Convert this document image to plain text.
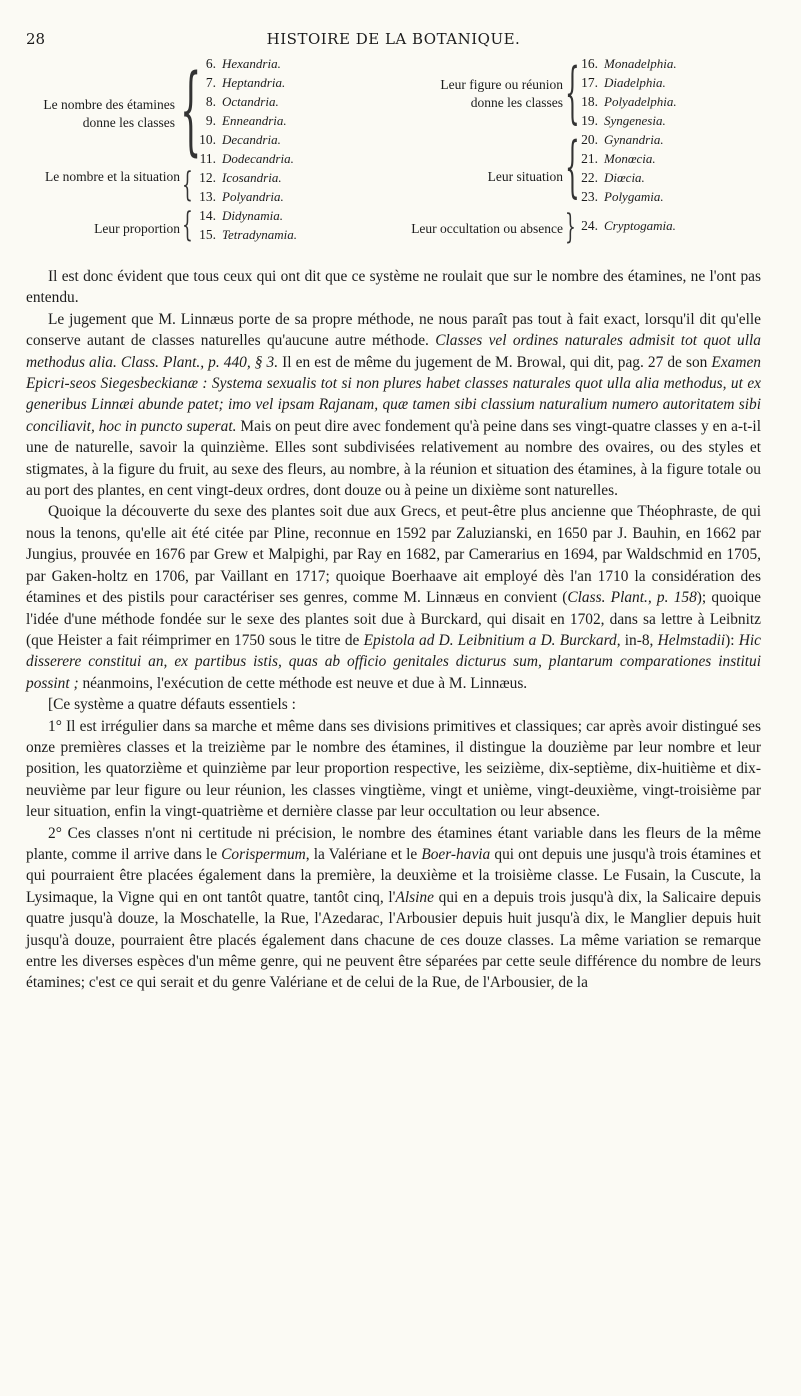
28	HISTOIRE DE LA BOTANIQUE.
Le nombre des étamines donne les classes {
Le nombre et la situation {
Leur proportion {
6. Hexandria.
7. Heptandria.
8. Octandria.
9. Enneandria.
10. Decandria.
11. Dodecandria.
12. Icosandria.
13. Polyandria.
14. Didynamia.
15. Tetradynamia.
Leur figure ou réunion donne les classes {
Leur situation {
Leur occultation ou absence }
16. Monadelphia.
17. Diadelphia.
18. Polyadelphia.
19. Syngenesia.
20. Gynandria.
21. Monœcia.
22. Diœcia.
23. Polygamia.
24. Cryptogamia.

Il est donc évident que tous ceux qui ont dit que ce système ne roulait que sur le nombre des étamines, ne l'ont pas entendu.

Le jugement que M. Linnæus porte de sa propre méthode, ne nous paraît pas tout à fait exact, lorsqu'il dit qu'elle conserve autant de classes naturelles qu'aucune autre méthode. Classes vel ordines naturales admisit tot quot ulla methodus alia. Class. Plant., p. 440, § 3. Il en est de même du jugement de M. Browal, qui dit, pag. 27 de son Examen Epicri-seos Siegesbeckianæ : Systema sexualis tot si non plures habet classes naturales quot ulla alia methodus, ut ex generibus Linnæi abunde patet; imo vel ipsam Rajanam, quæ tamen sibi classium naturalium numero autoritatem sibi conciliavit, hoc in puncto superat. Mais on peut dire avec fondement qu'à peine dans ses vingt-quatre classes y en a-t-il une de naturelle, savoir la quinzième. Elles sont subdivisées relativement au nombre des ovaires, ou des styles et stigmates, à la figure du fruit, au sexe des fleurs, au nombre, à la réunion et situation des étamines, à la figure totale ou au port des plantes, en cent vingt-deux ordres, dont douze ou à peine un dixième sont naturelles.

Quoique la découverte du sexe des plantes soit due aux Grecs, et peut-être plus ancienne que Théophraste, de qui nous la tenons, qu'elle ait été citée par Pline, reconnue en 1592 par Zaluzianski, en 1650 par J. Bauhin, en 1662 par Jungius, prouvée en 1676 par Grew et Malpighi, par Ray en 1682, par Camerarius en 1694, par Waldschmid en 1705, par Gaken-holtz en 1706, par Vaillant en 1717; quoique Boerhaave ait employé dès l'an 1710 la considération des étamines et des pistils pour caractériser ses genres, comme M. Linnæus en convient (Class. Plant., p. 158); quoique l'idée d'une méthode fondée sur le sexe des plantes soit due à Burckard, qui disait en 1702, dans sa lettre à Leibnitz (que Heister a fait réimprimer en 1750 sous le titre de Epistola ad D. Leibnitium a D. Burckard, in-8, Helmstadii): Hic disserere constitui an, ex partibus istis, quas ab officio genitales dicturus sum, plantarum comparationes institui possint ; néanmoins, l'exécution de cette méthode est neuve et due à M. Linnæus.

[Ce système a quatre défauts essentiels :

1° Il est irrégulier dans sa marche et même dans ses divisions primitives et classiques; car après avoir distingué ses onze premières classes et la treizième par le nombre des étamines, il distingue la douzième par leur nombre et leur position, les quatorzième et quinzième par leur proportion respective, les seizième, dix-septième, dix-huitième et dix-neuvième par leur figure ou leur réunion, les classes vingtième, vingt et unième, vingt-deuxième, vingt-troisième par leur situation, enfin la vingt-quatrième et dernière classe par leur occultation ou leur absence.

2° Ces classes n'ont ni certitude ni précision, le nombre des étamines étant variable dans les fleurs de la même plante, comme il arrive dans le Corispermum, la Valériane et le Boer-havia qui ont depuis une jusqu'à trois étamines et qui pourraient être placées également dans la première, la deuxième et la troisième classe. Le Fusain, la Cuscute, la Lysimaque, la Vigne qui en ont tantôt quatre, tantôt cinq, l'Alsine qui en a depuis trois jusqu'à dix, la Salicaire depuis quatre jusqu'à douze, la Moschatelle, la Rue, l'Azedarac, l'Arbousier depuis huit jusqu'à dix, le Manglier depuis huit jusqu'à douze, pourraient être placés également dans chacune de ces douze classes. La même variation se remarque entre les diverses espèces d'un même genre, qui ne peuvent être séparées par cette seule différence du nombre de leurs étamines; c'est ce qui serait et du genre Valériane et de celui de la Rue, de l'Arbousier, de la
